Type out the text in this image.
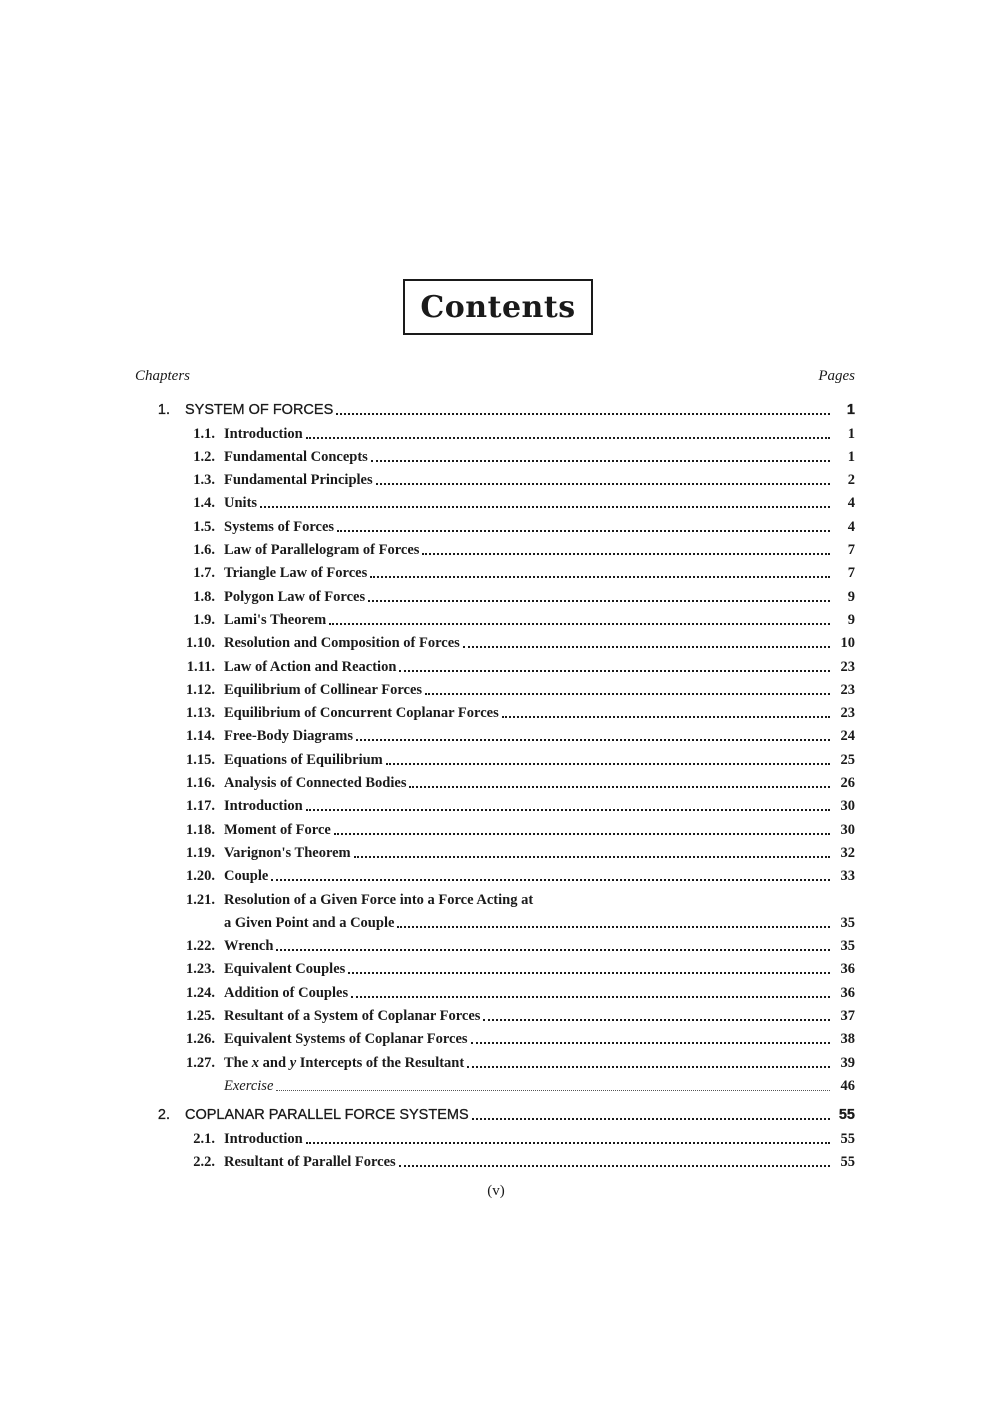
Contents
Chapters	Pages
1. SYSTEM OF FORCES	1
1.1. Introduction	1
1.2. Fundamental Concepts	1
1.3. Fundamental Principles	2
1.4. Units	4
1.5. Systems of Forces	4
1.6. Law of Parallelogram of Forces	7
1.7. Triangle Law of Forces	7
1.8. Polygon Law of Forces	9
1.9. Lami's Theorem	9
1.10. Resolution and Composition of Forces	10
1.11. Law of Action and Reaction	23
1.12. Equilibrium of Collinear Forces	23
1.13. Equilibrium of Concurrent Coplanar Forces	23
1.14. Free-Body Diagrams	24
1.15. Equations of Equilibrium	25
1.16. Analysis of Connected Bodies	26
1.17. Introduction	30
1.18. Moment of Force	30
1.19. Varignon's Theorem	32
1.20. Couple	33
1.21. Resolution of a Given Force into a Force Acting at
a Given Point and a Couple	35
1.22. Wrench	35
1.23. Equivalent Couples	36
1.24. Addition of Couples	36
1.25. Resultant of a System of Coplanar Forces	37
1.26. Equivalent Systems of Coplanar Forces	38
1.27. The x and y Intercepts of the Resultant	39
Exercise	46
2. COPLANAR PARALLEL FORCE SYSTEMS	55
2.1. Introduction	55
2.2. Resultant of Parallel Forces	55
(v)
